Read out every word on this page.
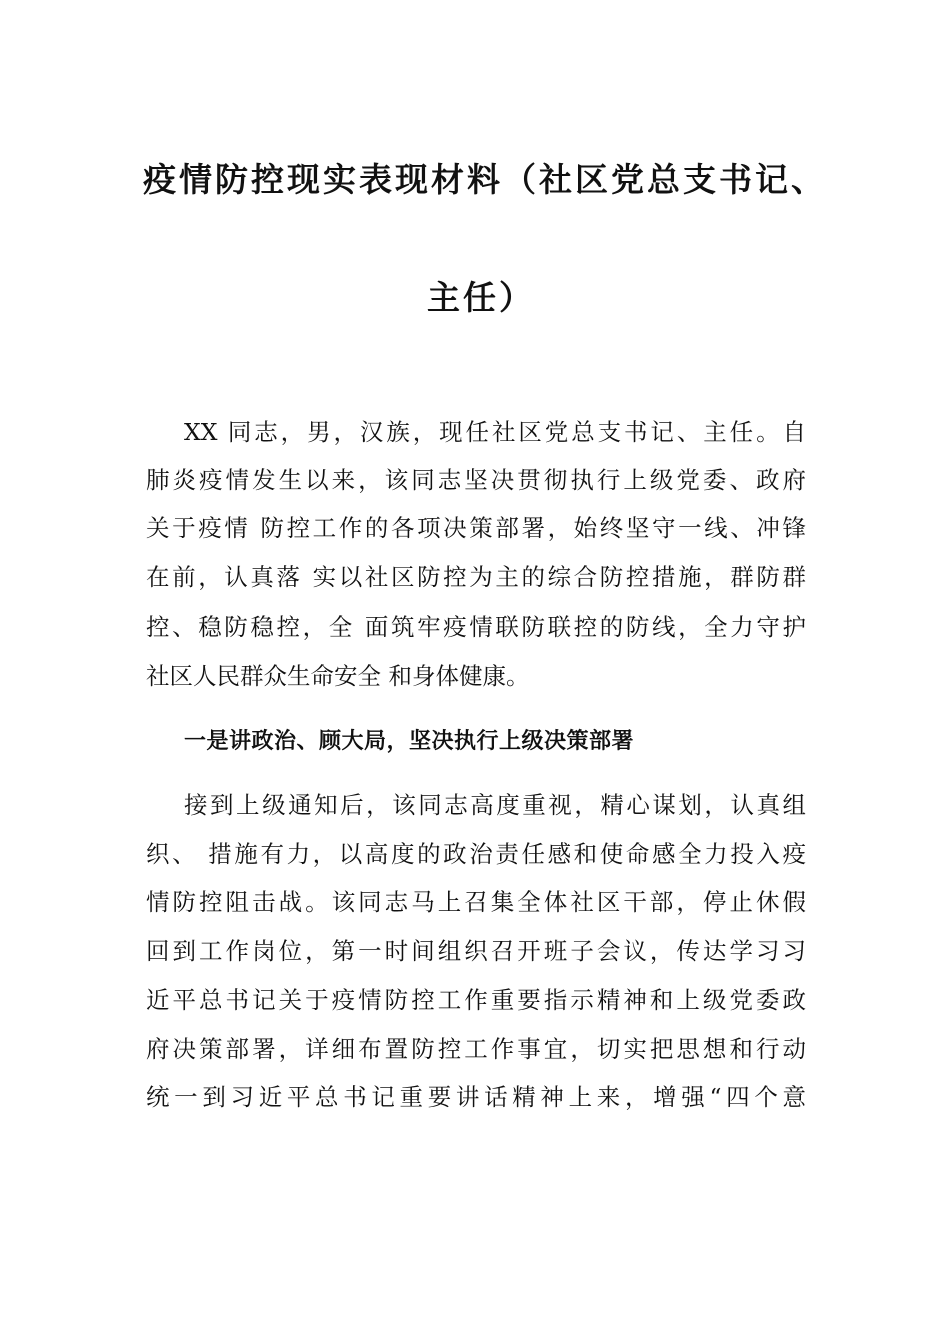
疫情防控现实表现材料（社区党总支书记、
主任）
XX 同志，男，汉族，现任社区党总支书记、主任。自
肺炎疫情发生以来，该同志坚决贯彻执行上级党委、政府
关于疫情 防控工作的各项决策部署，始终坚守一线、冲锋
在前，认真落 实以社区防控为主的综合防控措施，群防群
控、稳防稳控，全 面筑牢疫情联防联控的防线，全力守护
社区人民群众生命安全 和身体健康。
一是讲政治、顾大局，坚决执行上级决策部署
接到上级通知后，该同志高度重视，精心谋划，认真组
织、 措施有力，以高度的政治责任感和使命感全力投入疫
情防控阻击战。该同志马上召集全体社区干部，停止休假
回到工作岗位，第一时间组织召开班子会议，传达学习习
近平总书记关于疫情防控工作重要指示精神和上级党委政
府决策部署，详细布置防控工作事宜，切实把思想和行动
统一到习近平总书记重要讲话精神上来，增强“四个意
